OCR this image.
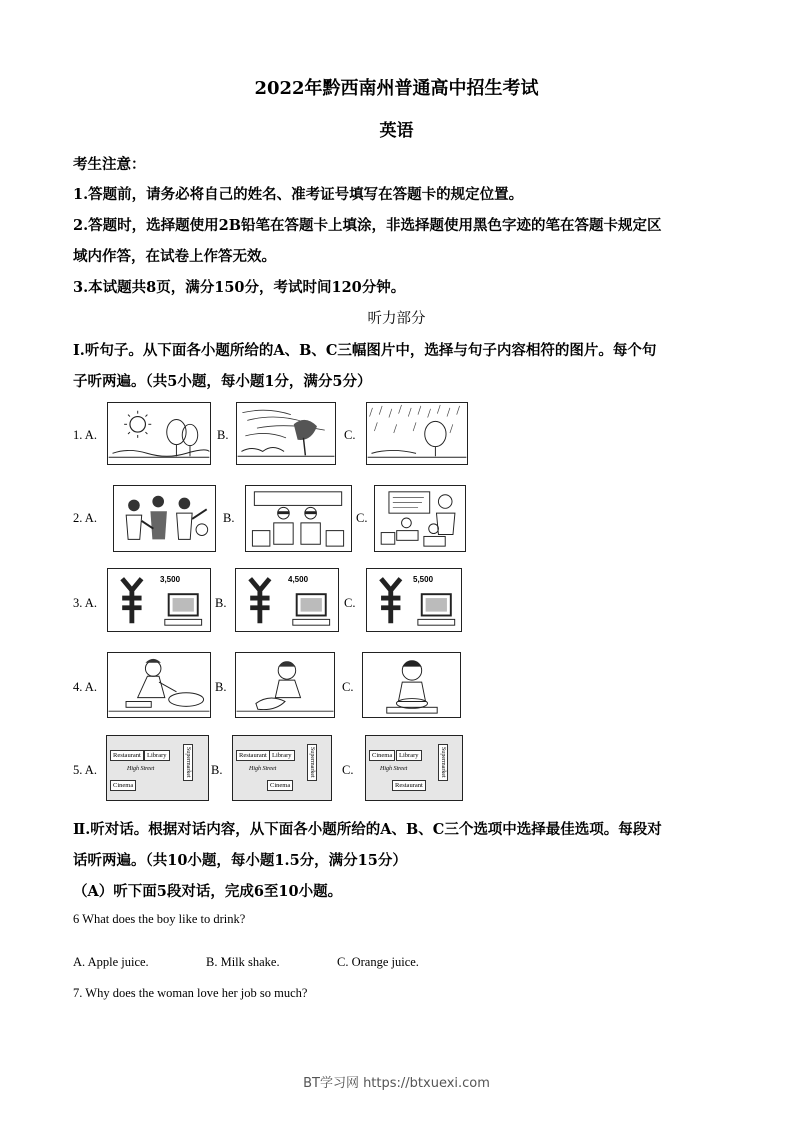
2022年黔西南州普通高中招生考试
英语
考生注意：
1.答题前，请务必将自己的姓名、准考证号填写在答题卡的规定位置。
2.答题时，选择题使用2B铅笔在答题卡上填涂，非选择题使用黑色字迹的笔在答题卡规定区
域内作答，在试卷上作答无效。
3.本试题共8页，满分150分，考试时间120分钟。
听力部分
Ⅰ.听句子。从下面各小题所给的A、B、C三幅图片中，选择与句子内容相符的图片。每个句
子听两遍。（共5小题，每小题1分，满分5分）
1. A.	B.	C.
2. A.	B.	C.
3. A.
3,500
B.
4,500
C.
5,500
4. A.	B.	C.
5. A.
Restaurant Library
High Street
Cinema
Supermarket B.
Restaurant Library
High Street
Cinema
Supermarket C.
Cinema	Library
High Street
Restaurant
Supermarket
Ⅱ.听对话。根据对话内容，从下面各小题所给的A、B、C三个选项中选择最佳选项。每段对
话听两遍。（共10小题，每小题1.5分，满分15分）
（A）听下面5段对话，完成6至10小题。
6 What does the boy like to drink?
A. Apple juice.	B. Milk shake.	C. Orange juice.
7. Why does the woman love her job so much?
BT学习网 https://btxuexi.com
